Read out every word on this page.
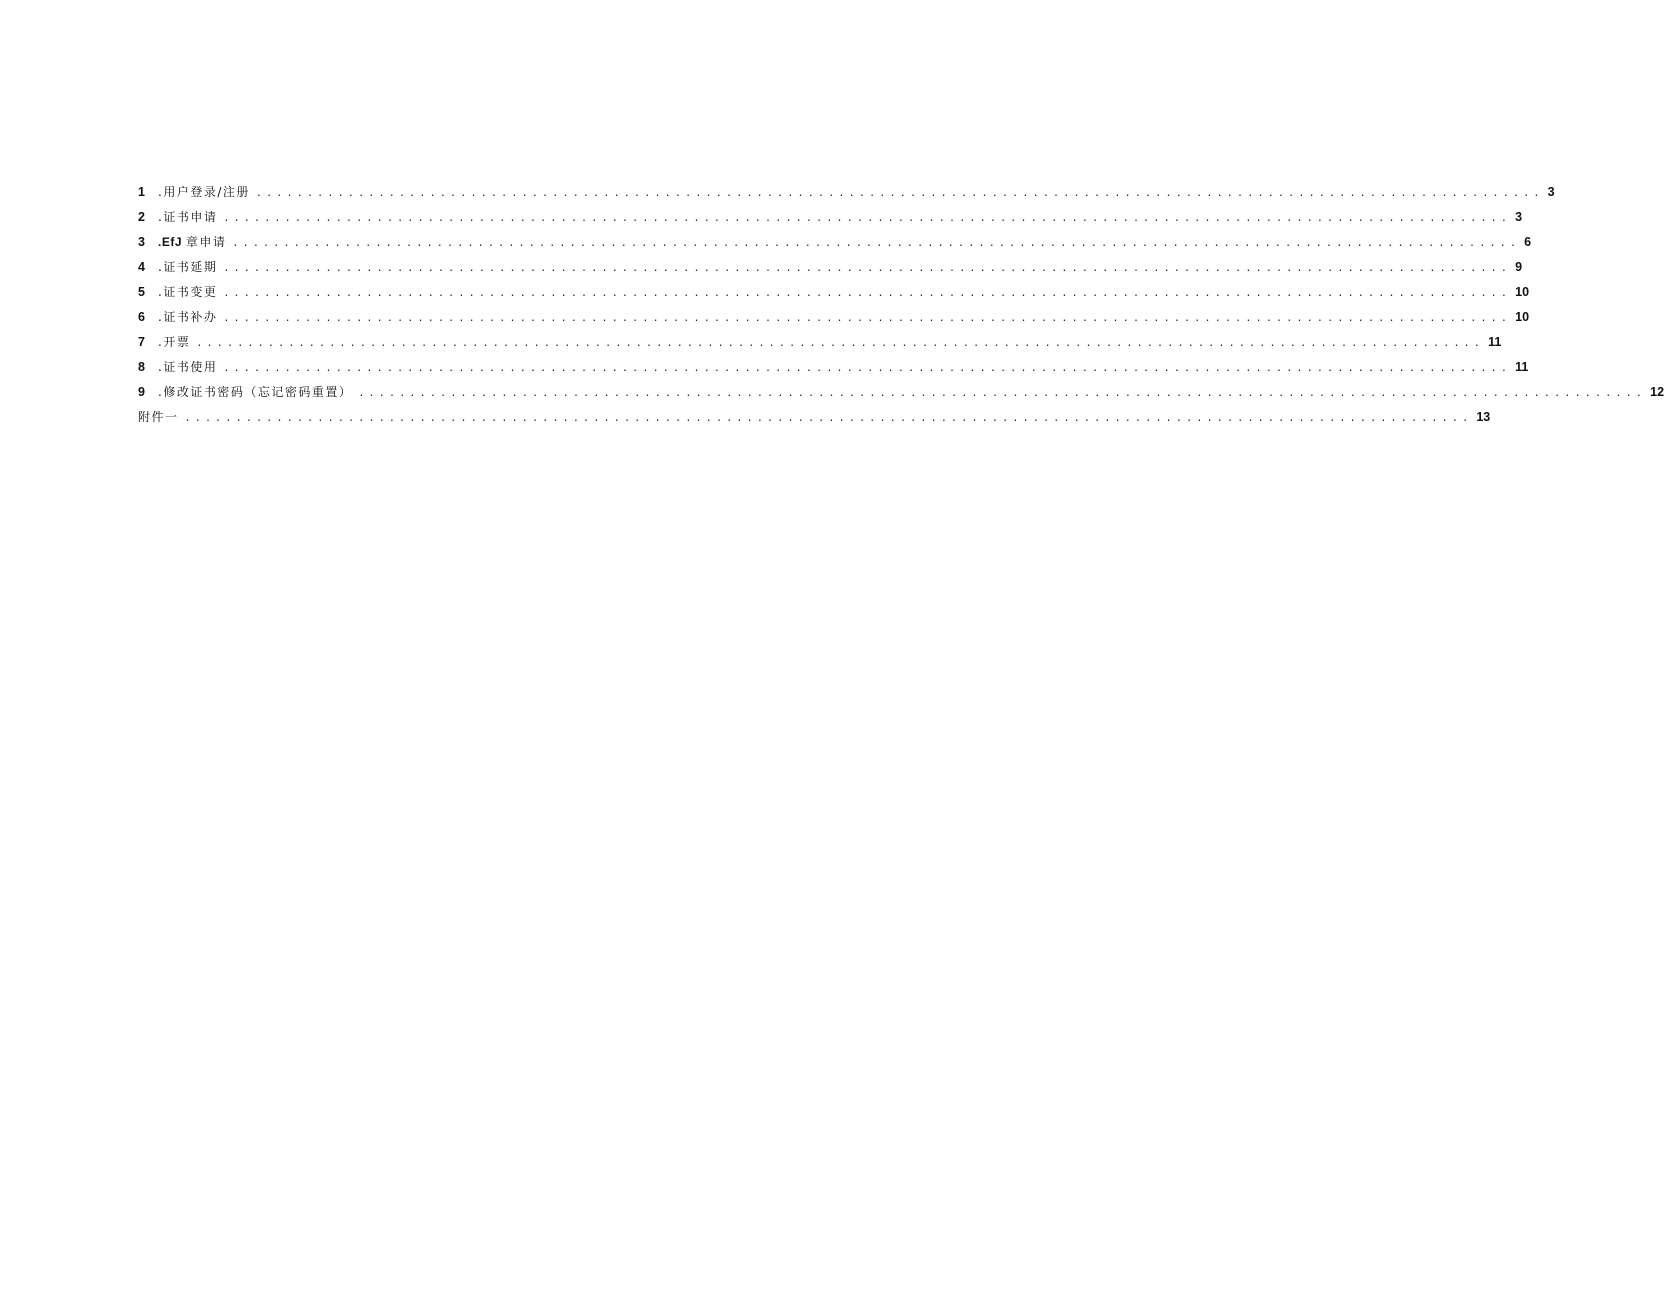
1	.用户登录/注册 .............................................................................................................................. 3
2	.证书申请 .............................................................................................................................. 3
3	.EfJ 章申请 .............................................................................................................................. 6
4	.证书延期 .............................................................................................................................. 9
5	.证书变更 .............................................................................................................................. 10
6	.证书补办 .............................................................................................................................. 10
7	.开票 .............................................................................................................................. 11
8	.证书使用 .............................................................................................................................. 11
9	.修改证书密码（忘记密码重置） .............................................................................................................................. 12
附件一 .............................................................................................................................. 13
